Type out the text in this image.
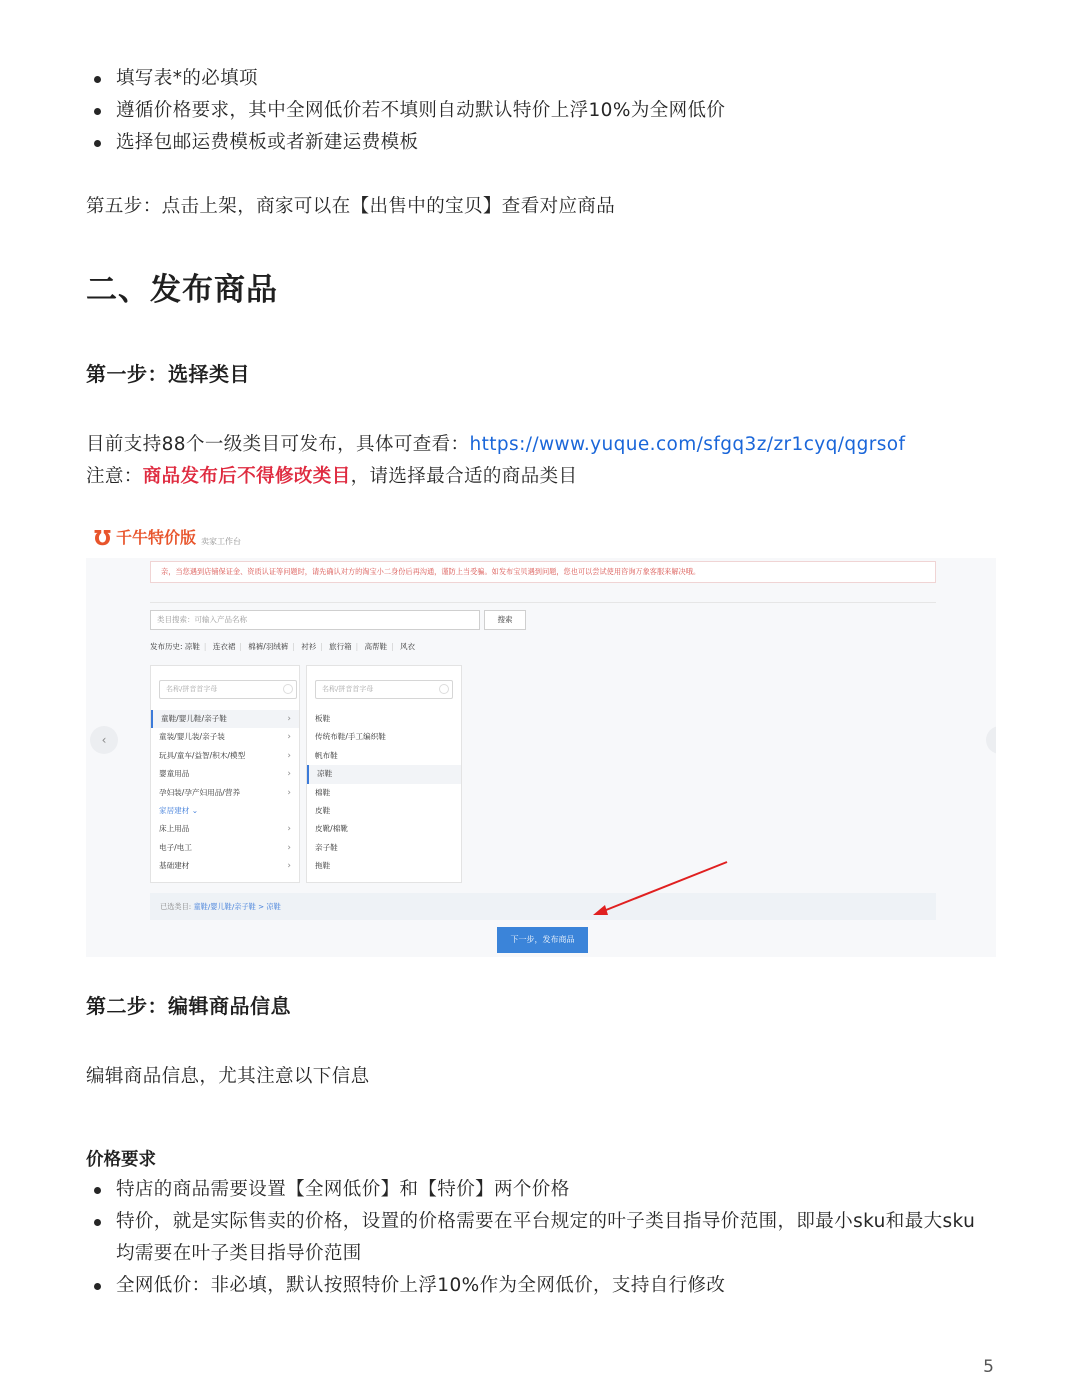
填写表*的必填项
遵循价格要求，其中全网低价若不填则自动默认特价上浮10%为全网低价
选择包邮运费模板或者新建运费模板
第五步：点击上架，商家可以在【出售中的宝贝】查看对应商品
二、发布商品
第一步：选择类目
目前支持88个一级类目可发布，具体可查看：https://www.yuque.com/sfgq3z/zr1cyq/qgrsof
注意：商品发布后不得修改类目，请选择最合适的商品类目
Ʊ 千牛特价版 卖家工作台
亲，当您遇到店铺保证金、资质认证等问题时，请先确认对方的淘宝小二身份后再沟通，谨防上当受骗。如发布宝贝遇到问题，您也可以尝试使用咨询万象客服来解决哦。
类目搜索：可输入产品名称	搜索
发布历史: 凉鞋 | 连衣裙 | 棉裤/羽绒裤 | 衬衫 | 旅行箱 | 高帮鞋 | 风衣
‹
名称/拼音首字母
童鞋/婴儿鞋/亲子鞋	›
童装/婴儿装/亲子装	›
玩具/童车/益智/积木/模型	›
婴童用品	›
孕妇装/孕产妇用品/营养	›
家居建材 ⌄
床上用品	›
电子/电工	›
基础建材	›
名称/拼音首字母
板鞋
传统布鞋/手工编织鞋
帆布鞋
凉鞋
棉鞋
皮鞋
皮靴/棉靴
亲子鞋
拖鞋
已选类目: 童鞋/婴儿鞋/亲子鞋 > 凉鞋
下一步，发布商品
第二步：编辑商品信息
编辑商品信息，尤其注意以下信息
价格要求
特店的商品需要设置【全网低价】和【特价】两个价格
特价，就是实际售卖的价格，设置的价格需要在平台规定的叶子类目指导价范围，即最小sku和最大sku均需要在叶子类目指导价范围
全网低价：非必填，默认按照特价上浮10%作为全网低价，支持自行修改
5
